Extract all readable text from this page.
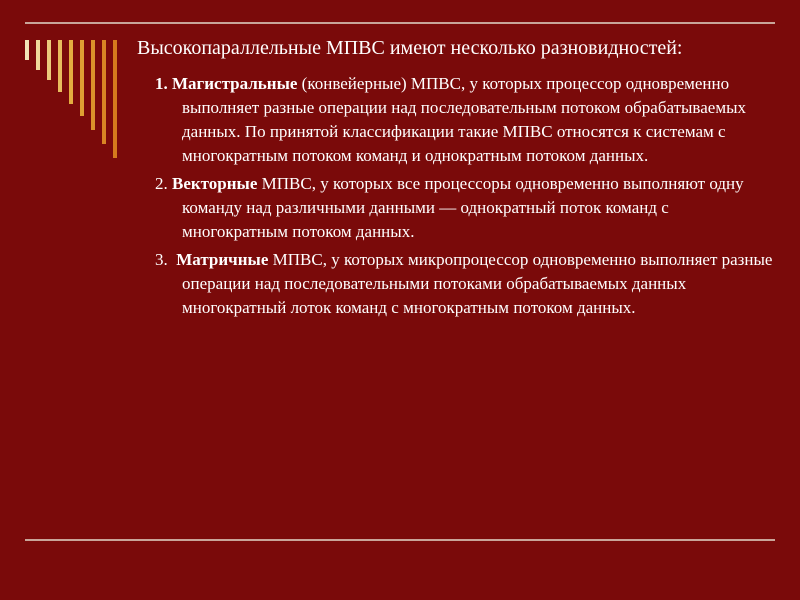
Высокопараллельные МПВС имеют несколько разновидностей:
1. Магистральные (конвейерные) МПВС, у которых процессор одновременно выполняет разные операции над последовательным потоком обрабатываемых данных. По принятой классификации такие МПВС относятся к системам с многократным потоком команд и однократным потоком данных.
2. Векторные МПВС, у которых все процессоры одновременно выполняют одну команду над различными данными — однократный поток команд с многократным потоком данных.
3.  Матричные МПВС, у которых микропроцессор одновременно выполняет разные операции над последовательными потоками обрабатываемых данных многократный лоток команд с многократным потоком данных.
